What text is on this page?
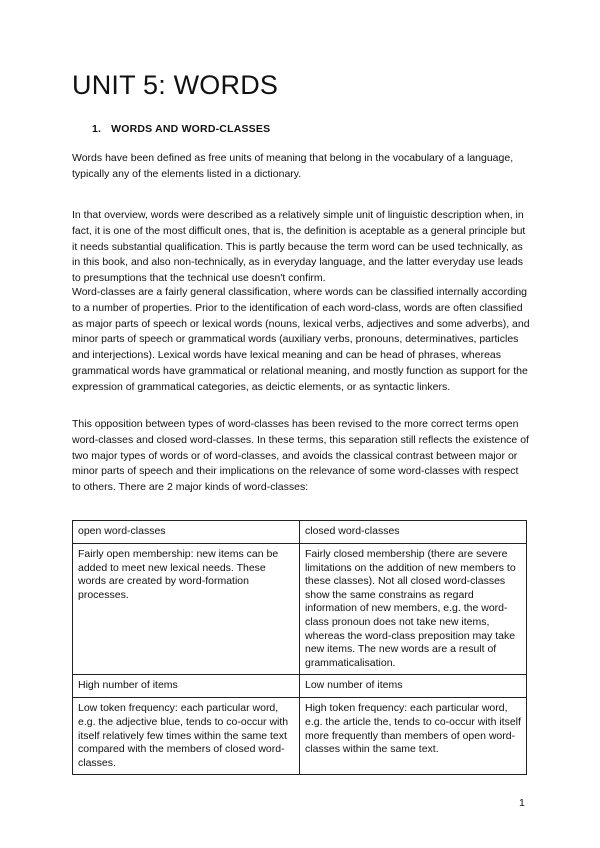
UNIT 5: WORDS
1. WORDS AND WORD-CLASSES

Words have been defined as free units of meaning that belong in the vocabulary of a language, typically any of the elements listed in a dictionary.

In that overview, words were described as a relatively simple unit of linguistic description when, in fact, it is one of the most difficult ones, that is, the definition is aceptable as a general principle but it needs substantial qualification. This is partly because the term word can be used technically, as in this book, and also non-technically, as in everyday language, and the latter everyday use leads to presumptions that the technical use doesn't confirm.

Word-classes are a fairly general classification, where words can be classified internally according to a number of properties. Prior to the identification of each word-class, words are often classified as major parts of speech or lexical words (nouns, lexical verbs, adjectives and some adverbs), and minor parts of speech or grammatical words (auxiliary verbs, pronouns, determinatives, particles and interjections). Lexical words have lexical meaning and can be head of phrases, whereas grammatical words have grammatical or relational meaning, and mostly function as support for the expression of grammatical categories, as deictic elements, or as syntactic linkers.

This opposition between types of word-classes has been revised to the more correct terms open word-classes and closed word-classes. In these terms, this separation still reflects the existence of two major types of words or of word-classes, and avoids the classical contrast between major or minor parts of speech and their implications on the relevance of some word-classes with respect to others. There are 2 major kinds of word-classes:

open word-classes	closed word-classes
Fairly open membership: new items can be added to meet new lexical needs. These words are created by word-formation processes.	Fairly closed membership (there are severe limitations on the addition of new members to these classes). Not all closed word-classes show the same constrains as regard information of new members, e.g. the word-class pronoun does not take new items, whereas the word-class preposition may take new items. The new words are a result of grammaticalisation.
High number of items	Low number of items
Low token frequency: each particular word, e.g. the adjective blue, tends to co-occur with itself relatively few times within the same text compared with the members of closed word-classes.	High token frequency: each particular word, e.g. the article the, tends to co-occur with itself more frequently than members of open word-classes within the same text.
1
